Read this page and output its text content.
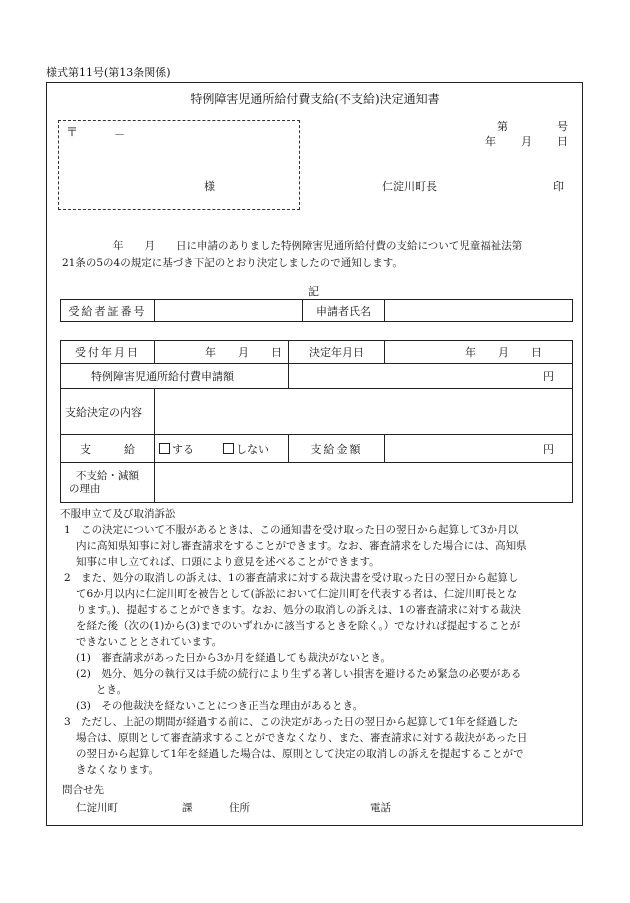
様式第11号(第13条関係)
特例障害児通所給付費支給(不支給)決定通知書
第	号
年 月 日
〒	－
様	仁淀川町長	印
年　　月　　日に申請のありました特例障害児通所給付費の支給について児童福祉法第
21条の5の4の規定に基づき下記のとおり決定しましたので通知します。
記
受給者証番号		申請者氏名	
受付年月日	年　　月　　日	決定年月日	年　　月　　日
特例障害児通所給付費申請額		円	
支給決定の内容			
支　　　給	する しない	支給金額	円

不支給・減額
の理由			

不服申立て及び取消訴訟
1　この決定について不服があるときは、この通知書を受け取った日の翌日から起算して3か月以
内に高知県知事に対し審査請求をすることができます。なお、審査請求をした場合には、高知県
知事に申し立てれば、口頭により意見を述べることができます。
2　また、処分の取消しの訴えは、1の審査請求に対する裁決書を受け取った日の翌日から起算し
て6か月以内に仁淀川町を被告として(訴訟において仁淀川町を代表する者は、仁淀川町長とな
ります。)、提起することができます。なお、処分の取消しの訴えは、1の審査請求に対する裁決
を経た後（次の(1)から(3)までのいずれかに該当するときを除く。）でなければ提起することが
できないこととされています。
(1)　審査請求があった日から3か月を経過しても裁決がないとき。
(2)　処分、処分の執行又は手続の続行により生ずる著しい損害を避けるため緊急の必要がある
とき。
(3)　その他裁決を経ないことにつき正当な理由があるとき。
3　ただし、上記の期間が経過する前に、この決定があった日の翌日から起算して1年を経過した
場合は、原則として審査請求することができなくなり、また、審査請求に対する裁決があった日
の翌日から起算して1年を経過した場合は、原則として決定の取消しの訴えを提起することがで
きなくなります。
問合せ先
仁淀川町	課	住所	電話
